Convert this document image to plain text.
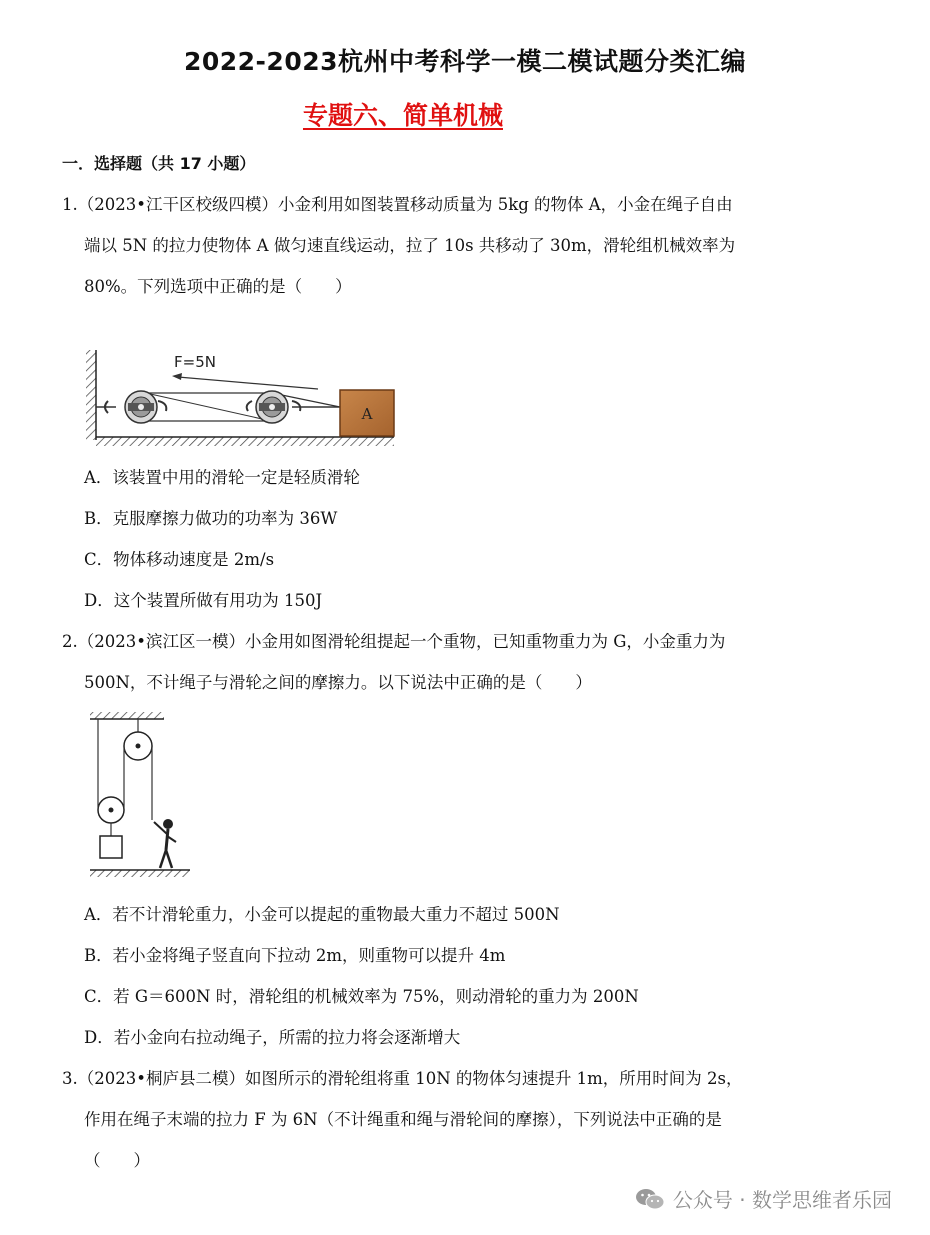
2022-2023杭州中考科学一模二模试题分类汇编
专题六、简单机械
一．选择题（共 17 小题）
1.（2023•江干区校级四模）小金利用如图装置移动质量为 5kg 的物体 A，小金在绳子自由
端以 5N 的拉力使物体 A 做匀速直线运动，拉了 10s 共移动了 30m，滑轮组机械效率为
80%。下列选项中正确的是（　　）
F=5N
A
A．该装置中用的滑轮一定是轻质滑轮
B．克服摩擦力做功的功率为 36W
C．物体移动速度是 2m/s
D．这个装置所做有用功为 150J
2.（2023•滨江区一模）小金用如图滑轮组提起一个重物，已知重物重力为 G，小金重力为
500N，不计绳子与滑轮之间的摩擦力。以下说法中正确的是（　　）
A．若不计滑轮重力，小金可以提起的重物最大重力不超过 500N
B．若小金将绳子竖直向下拉动 2m，则重物可以提升 4m
C．若 G＝600N 时，滑轮组的机械效率为 75%，则动滑轮的重力为 200N
D．若小金向右拉动绳子，所需的拉力将会逐渐增大
3.（2023•桐庐县二模）如图所示的滑轮组将重 10N 的物体匀速提升 1m，所用时间为 2s，
作用在绳子末端的拉力 F 为 6N（不计绳重和绳与滑轮间的摩擦），下列说法中正确的是
（　　）
公众号 · 数学思维者乐园
